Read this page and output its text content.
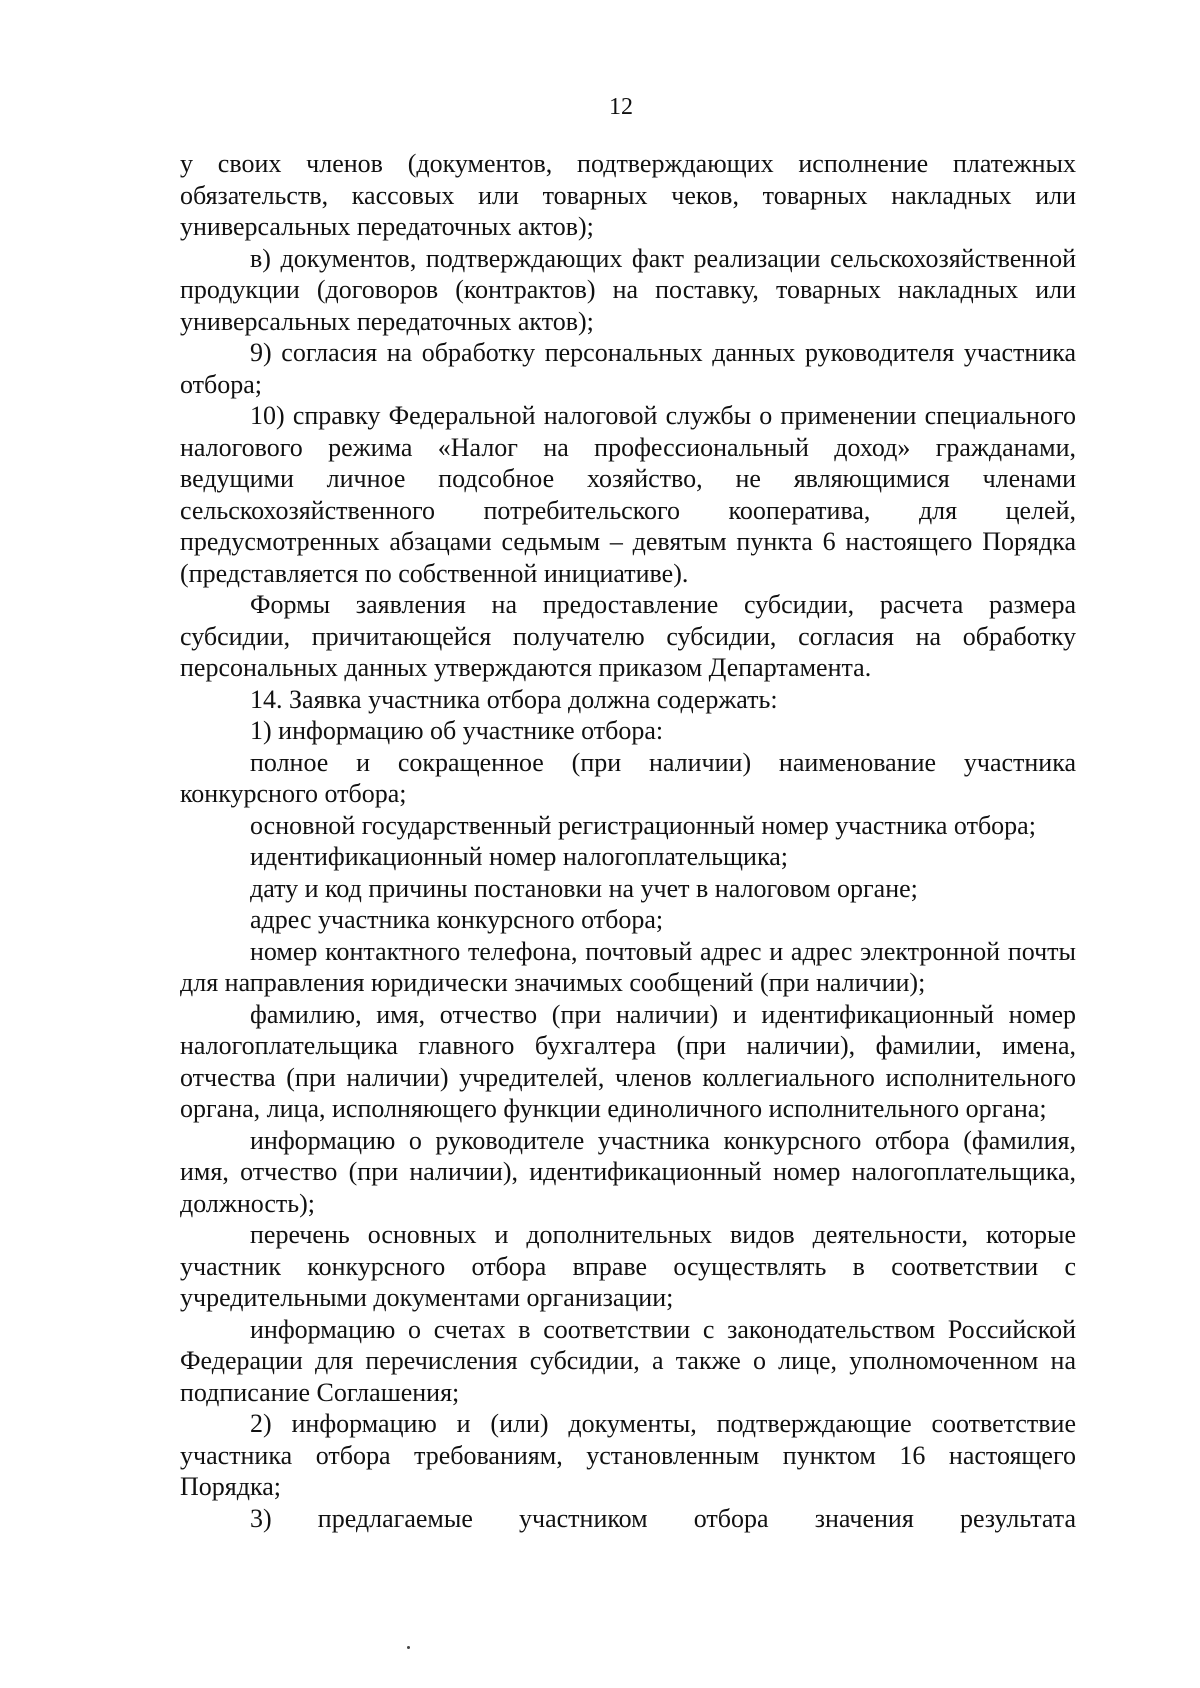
12

у своих членов (документов, подтверждающих исполнение платежных обязательств, кассовых или товарных чеков, товарных накладных или универсальных передаточных актов);

в) документов, подтверждающих факт реализации сельскохозяйственной продукции (договоров (контрактов) на поставку, товарных накладных или универсальных передаточных актов);

9) согласия на обработку персональных данных руководителя участника отбора;

10) справку Федеральной налоговой службы о применении специального налогового режима «Налог на профессиональный доход» гражданами, ведущими личное подсобное хозяйство, не являющимися членами сельскохозяйственного потребительского кооператива, для целей, предусмотренных абзацами седьмым – девятым пункта 6 настоящего Порядка (представляется по собственной инициативе).

Формы заявления на предоставление субсидии, расчета размера субсидии, причитающейся получателю субсидии, согласия на обработку персональных данных утверждаются приказом Департамента.

14. Заявка участника отбора должна содержать:

1) информацию об участнике отбора:

полное и сокращенное (при наличии) наименование участника конкурсного отбора;

основной государственный регистрационный номер участника отбора;

идентификационный номер налогоплательщика;

дату и код причины постановки на учет в налоговом органе;

адрес участника конкурсного отбора;

номер контактного телефона, почтовый адрес и адрес электронной почты для направления юридически значимых сообщений (при наличии);

фамилию, имя, отчество (при наличии) и идентификационный номер налогоплательщика главного бухгалтера (при наличии), фамилии, имена, отчества (при наличии) учредителей, членов коллегиального исполнительного органа, лица, исполняющего функции единоличного исполнительного органа;

информацию о руководителе участника конкурсного отбора (фамилия, имя, отчество (при наличии), идентификационный номер налогоплательщика, должность);

перечень основных и дополнительных видов деятельности, которые участник конкурсного отбора вправе осуществлять в соответствии с учредительными документами организации;

информацию о счетах в соответствии с законодательством Российской Федерации для перечисления субсидии, а также о лице, уполномоченном на подписание Соглашения;

2) информацию и (или) документы, подтверждающие соответствие участника отбора требованиям, установленным пунктом 16 настоящего Порядка;

3) предлагаемые участником отбора значения результата
